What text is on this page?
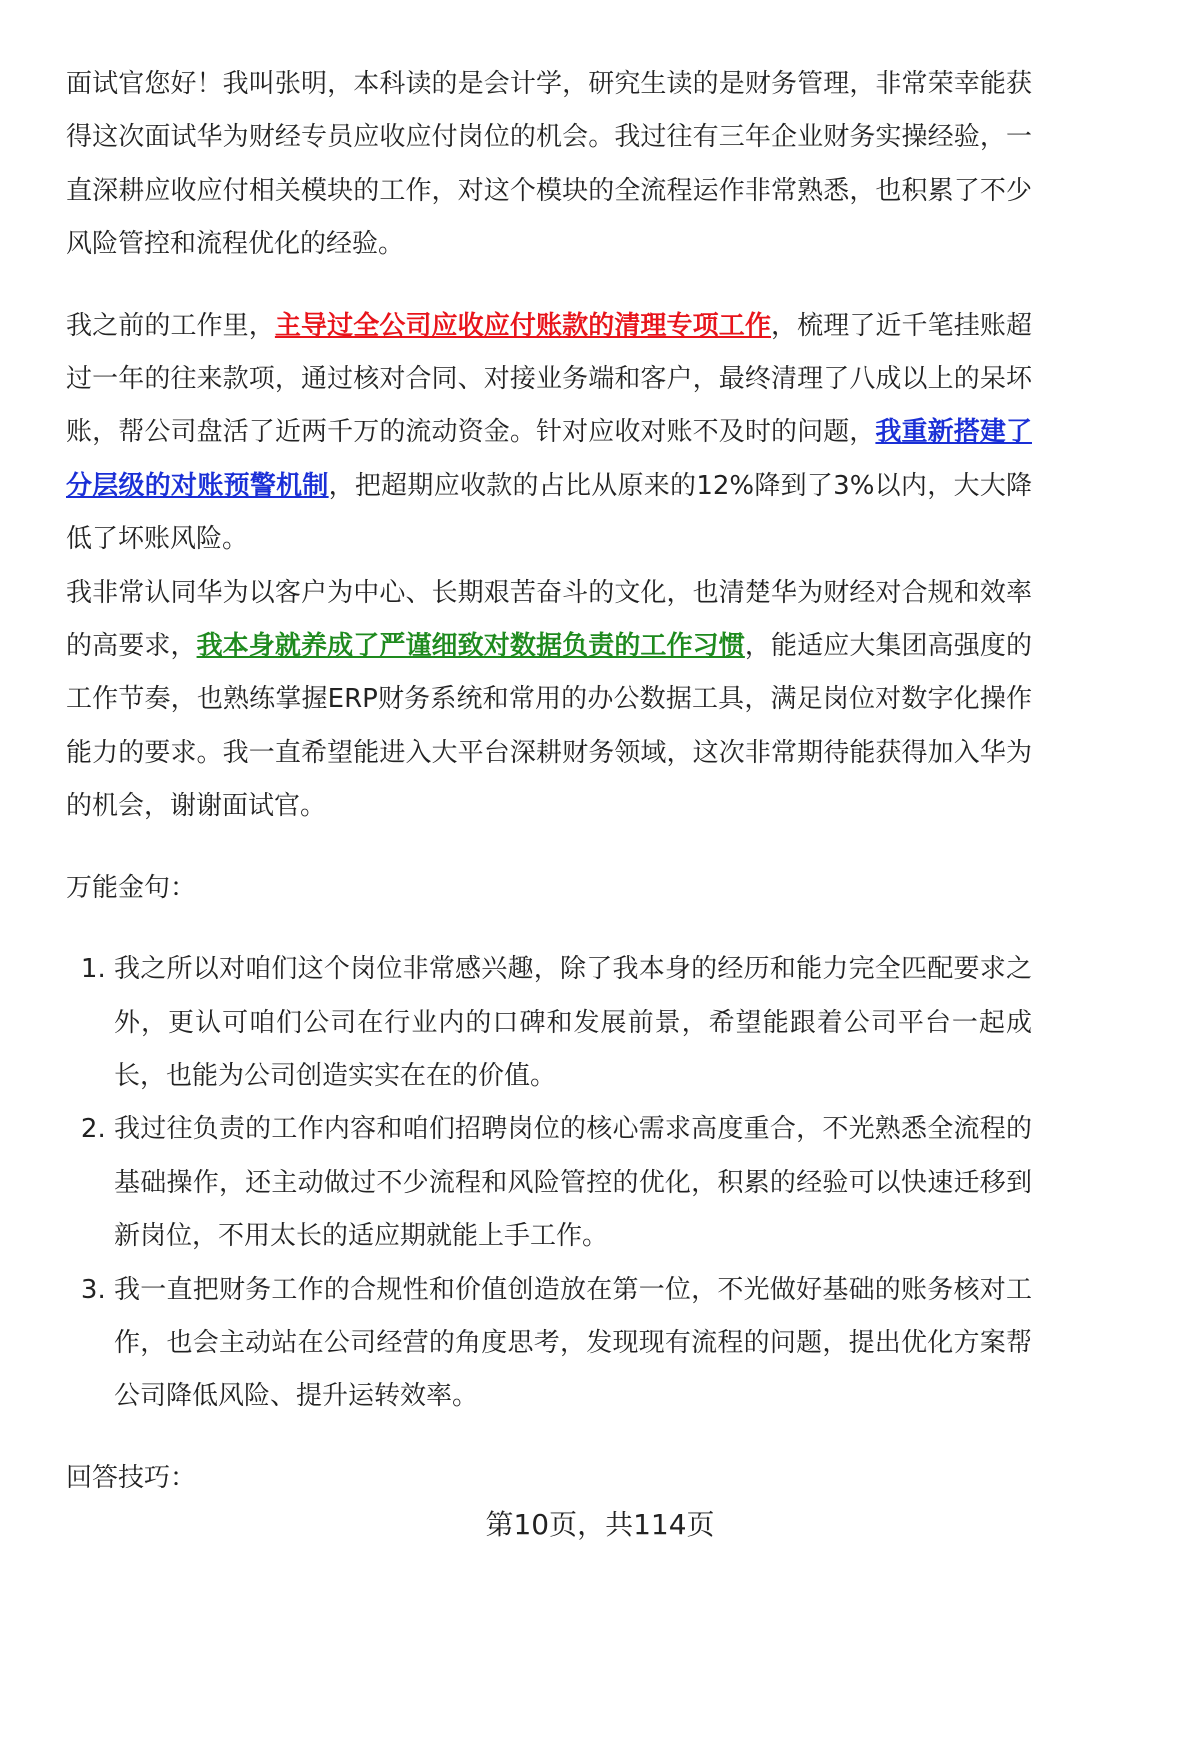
面试官您好！我叫张明，本科读的是会计学，研究生读的是财务管理，非常荣幸能获得这次面试华为财经专员应收应付岗位的机会。我过往有三年企业财务实操经验，一直深耕应收应付相关模块的工作，对这个模块的全流程运作非常熟悉，也积累了不少风险管控和流程优化的经验。

我之前的工作里，主导过全公司应收应付账款的清理专项工作，梳理了近千笔挂账超过一年的往来款项，通过核对合同、对接业务端和客户，最终清理了八成以上的呆坏账，帮公司盘活了近两千万的流动资金。针对应收对账不及时的问题，我重新搭建了分层级的对账预警机制，把超期应收款的占比从原来的12%降到了3%以内，大大降低了坏账风险。

我非常认同华为以客户为中心、长期艰苦奋斗的文化，也清楚华为财经对合规和效率的高要求，我本身就养成了严谨细致对数据负责的工作习惯，能适应大集团高强度的工作节奏，也熟练掌握ERP财务系统和常用的办公数据工具，满足岗位对数字化操作能力的要求。我一直希望能进入大平台深耕财务领域，这次非常期待能获得加入华为的机会，谢谢面试官。

万能金句：

1. 我之所以对咱们这个岗位非常感兴趣，除了我本身的经历和能力完全匹配要求之外，更认可咱们公司在行业内的口碑和发展前景，希望能跟着公司平台一起成长，也能为公司创造实实在在的价值。
2. 我过往负责的工作内容和咱们招聘岗位的核心需求高度重合，不光熟悉全流程的基础操作，还主动做过不少流程和风险管控的优化，积累的经验可以快速迁移到新岗位，不用太长的适应期就能上手工作。
3. 我一直把财务工作的合规性和价值创造放在第一位，不光做好基础的账务核对工作，也会主动站在公司经营的角度思考，发现现有流程的问题，提出优化方案帮公司降低风险、提升运转效率。

回答技巧：

第10页，共114页
